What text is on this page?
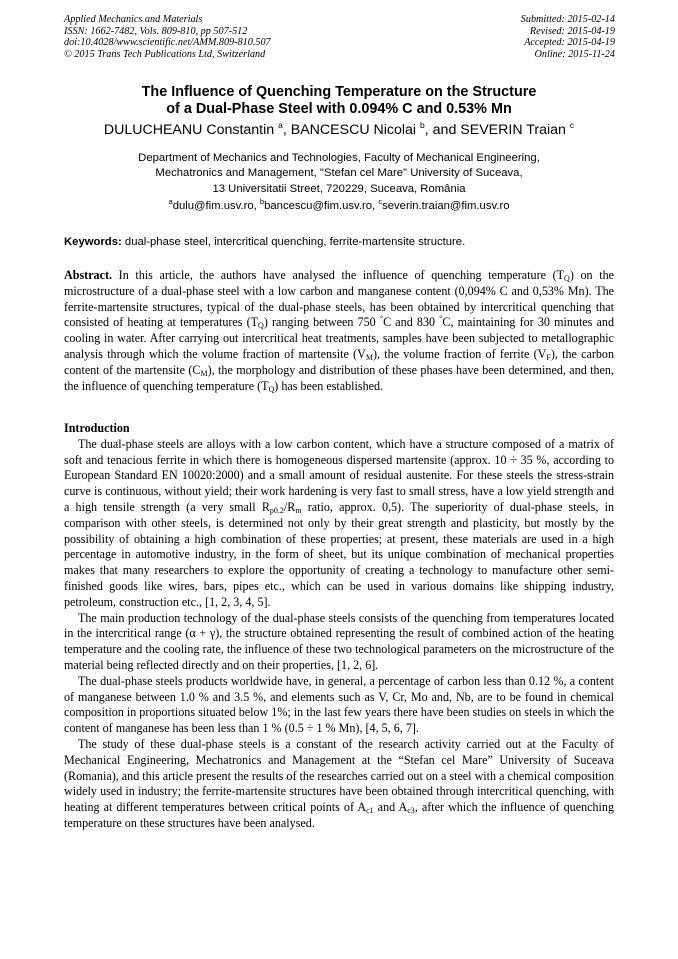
Applied Mechanics and Materials
ISSN: 1662-7482, Vols. 809-810, pp 507-512
doi:10.4028/www.scientific.net/AMM.809-810.507
© 2015 Trans Tech Publications Ltd, Switzerland
Submitted: 2015-02-14
Revised: 2015-04-19
Accepted: 2015-04-19
Online: 2015-11-24
The Influence of Quenching Temperature on the Structure
of a Dual-Phase Steel with 0.094% C and 0.53% Mn
DULUCHEANU Constantin $^a$, BANCESCU Nicolai $^b$, and SEVERIN Traian $^c$
Department of Mechanics and Technologies, Faculty of Mechanical Engineering,
Mechatronics and Management, "Stefan cel Mare" University of Suceava,
13 Universitatii Street, 720229, Suceava, România
$^a$dulu@fim.usv.ro, $^b$bancescu@fim.usv.ro, $^c$severin.traian@fim.usv.ro
Keywords: dual-phase steel, intercritical quenching, ferrite-martensite structure.

Abstract. In this article, the authors have analysed the influence of quenching temperature $(T_Q)$ on the microstructure of a dual-phase steel with a low carbon and manganese content (0,094% C and 0,53% Mn). The ferrite-martensite structures, typical of the dual-phase steels, has been obtained by intercritical quenching that consisted of heating at temperatures $(T_Q)$ ranging between 750 °C and 830 °C, maintaining for 30 minutes and cooling in water. After carrying out intercritical heat treatments, samples have been subjected to metallographic analysis through which the volume fraction of martensite $(V_M)$, the volume fraction of ferrite $(V_F)$, the carbon content of the martensite $(C_M)$, the morphology and distribution of these phases have been determined, and then, the influence of quenching temperature $(T_Q)$ has been established.

Introduction

The dual-phase steels are alloys with a low carbon content, which have a structure composed of a matrix of soft and tenacious ferrite in which there is homogeneous dispersed martensite (approx. 10 ÷ 35 %, according to European Standard EN 10020:2000) and a small amount of residual austenite. For these steels the stress-strain curve is continuous, without yield; their work hardening is very fast to small stress, have a low yield strength and a high tensile strength (a very small $R_{p0.2}/R_m$ ratio, approx. 0,5). The superiority of dual-phase steels, in comparison with other steels, is determined not only by their great strength and plasticity, but mostly by the possibility of obtaining a high combination of these properties; at present, these materials are used in a high percentage in automotive industry, in the form of sheet, but its unique combination of mechanical properties makes that many researchers to explore the opportunity of creating a technology to manufacture other semi-finished goods like wires, bars, pipes etc., which can be used in various domains like shipping industry, petroleum, construction etc., [1, 2, 3, 4, 5].

The main production technology of the dual-phase steels consists of the quenching from temperatures located in the intercritical range (α + γ), the structure obtained representing the result of combined action of the heating temperature and the cooling rate, the influence of these two technological parameters on the microstructure of the material being reflected directly and on their properties, [1, 2, 6].

The dual-phase steels products worldwide have, in general, a percentage of carbon less than 0.12 %, a content of manganese between 1.0 % and 3.5 %, and elements such as V, Cr, Mo and, Nb, are to be found in chemical composition in proportions situated below 1%; in the last few years there have been studies on steels in which the content of manganese has been less than 1 % (0.5 ÷ 1 % Mn), [4, 5, 6, 7].

The study of these dual-phase steels is a constant of the research activity carried out at the Faculty of Mechanical Engineering, Mechatronics and Management at the “Stefan cel Mare” University of Suceava (Romania), and this article present the results of the researches carried out on a steel with a chemical composition widely used in industry; the ferrite-martensite structures have been obtained through intercritical quenching, with heating at different temperatures between critical points of $A_{c1}$ and $A_{c3}$, after which the influence of quenching temperature on these structures have been analysed.
